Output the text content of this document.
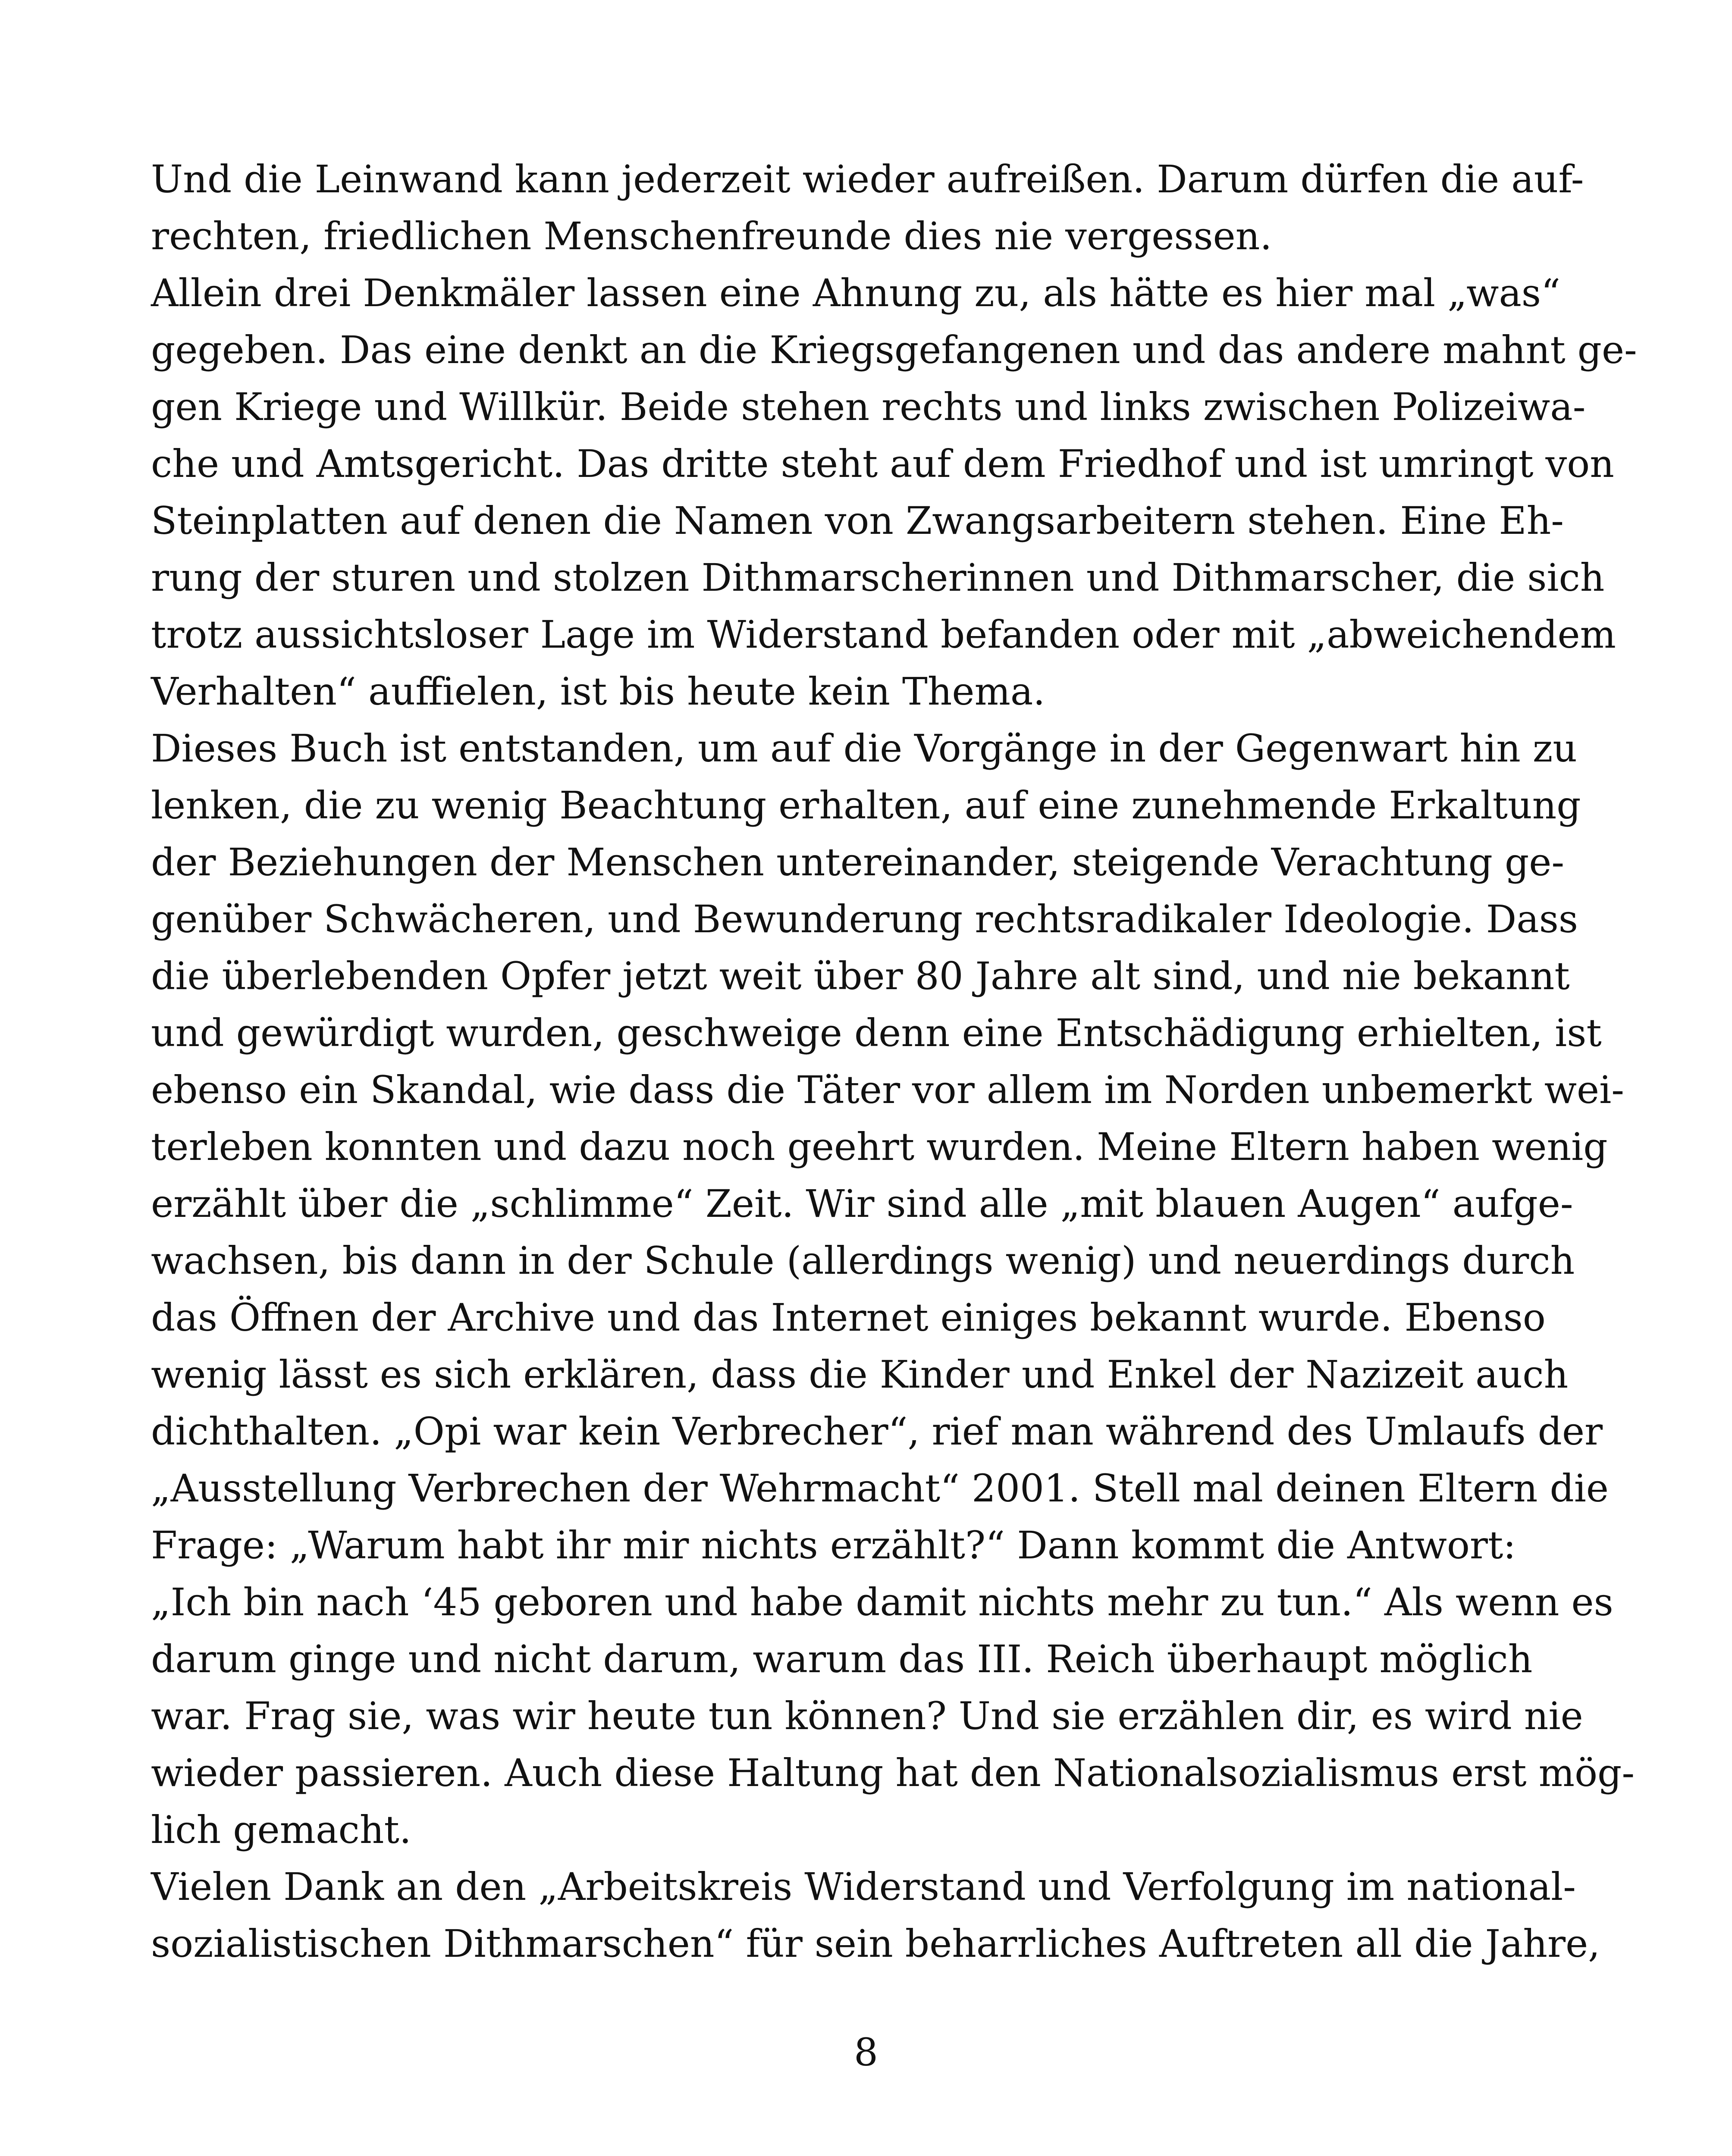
Und die Leinwand kann jederzeit wieder aufreißen. Darum dürfen die auf-
rechten, friedlichen Menschenfreunde dies nie vergessen.
Allein drei Denkmäler lassen eine Ahnung zu, als hätte es hier mal „was“
gegeben. Das eine denkt an die Kriegsgefangenen und das andere mahnt ge-
gen Kriege und Willkür. Beide stehen rechts und links zwischen Polizeiwa-
che und Amtsgericht. Das dritte steht auf dem Friedhof und ist umringt von
Steinplatten auf denen die Namen von Zwangsarbeitern stehen. Eine Eh-
rung der sturen und stolzen Dithmarscherinnen und Dithmarscher, die sich
trotz aussichtsloser Lage im Widerstand befanden oder mit „abweichendem
Verhalten“ auffielen, ist bis heute kein Thema.
Dieses Buch ist entstanden, um auf die Vorgänge in der Gegenwart hin zu
lenken, die zu wenig Beachtung erhalten, auf eine zunehmende Erkaltung
der Beziehungen der Menschen untereinander, steigende Verachtung ge-
genüber Schwächeren, und Bewunderung rechtsradikaler Ideologie. Dass
die überlebenden Opfer jetzt weit über 80 Jahre alt sind, und nie bekannt
und gewürdigt wurden, geschweige denn eine Entschädigung erhielten, ist
ebenso ein Skandal, wie dass die Täter vor allem im Norden unbemerkt wei-
terleben konnten und dazu noch geehrt wurden. Meine Eltern haben wenig
erzählt über die „schlimme“ Zeit. Wir sind alle „mit blauen Augen“ aufge-
wachsen, bis dann in der Schule (allerdings wenig) und neuerdings durch
das Öffnen der Archive und das Internet einiges bekannt wurde. Ebenso
wenig lässt es sich erklären, dass die Kinder und Enkel der Nazizeit auch
dichthalten. „Opi war kein Verbrecher“, rief man während des Umlaufs der
„Ausstellung Verbrechen der Wehrmacht“ 2001. Stell mal deinen Eltern die
Frage: „Warum habt ihr mir nichts erzählt?“ Dann kommt die Antwort:
„Ich bin nach ‘45 geboren und habe damit nichts mehr zu tun.“ Als wenn es
darum ginge und nicht darum, warum das III. Reich überhaupt möglich
war. Frag sie, was wir heute tun können? Und sie erzählen dir, es wird nie
wieder passieren. Auch diese Haltung hat den Nationalsozialismus erst mög-
lich gemacht.
Vielen Dank an den „Arbeitskreis Widerstand und Verfolgung im national-
sozialistischen Dithmarschen“ für sein beharrliches Auftreten all die Jahre,
8
